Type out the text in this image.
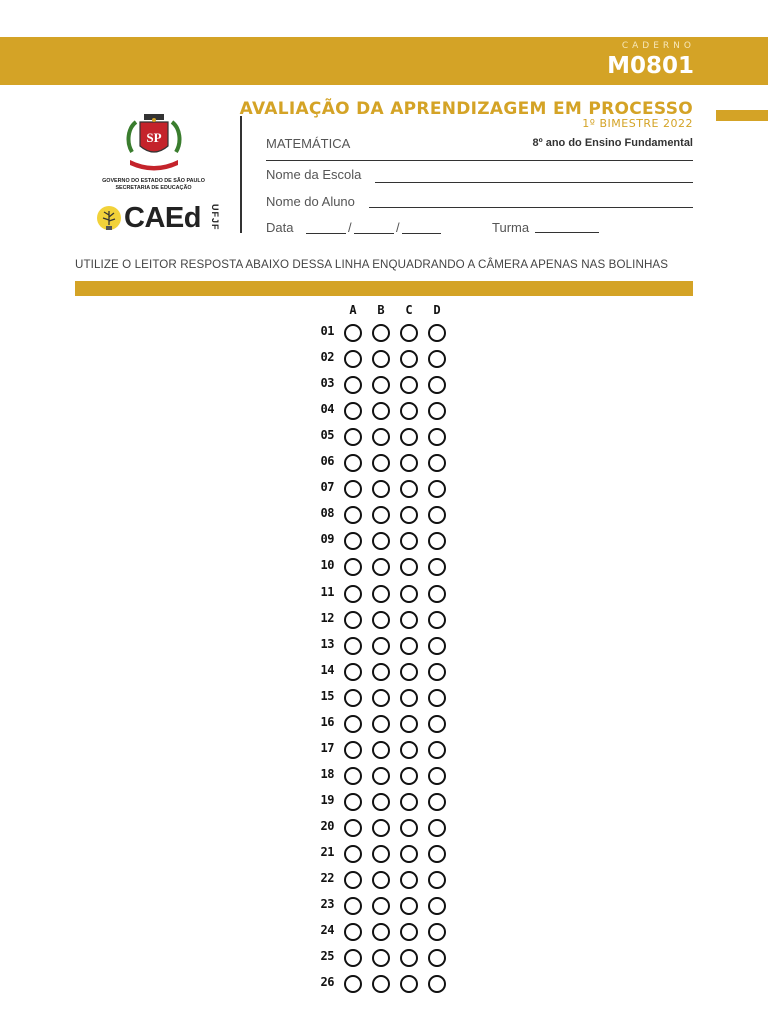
CADERNO
M0801
SP
GOVERNO DO ESTADO DE SÃO PAULO
SECRETARIA DE EDUCAÇÃO
CAEd UFJF
AVALIAÇÃO DA APRENDIZAGEM EM PROCESSO
1º BIMESTRE 2022
MATEMÁTICA	8º ano do Ensino Fundamental
Nome da Escola
Nome do Aluno
Data	/	/	Turma
UTILIZE O LEITOR RESPOSTA ABAIXO DESSA LINHA ENQUADRANDO A CÂMERA APENAS NAS BOLINHAS
A	B	C	D
01
02
03
04
05
06
07
08
09
10
11
12
13
14
15
16
17
18
19
20
21
22
23
24
25
26
